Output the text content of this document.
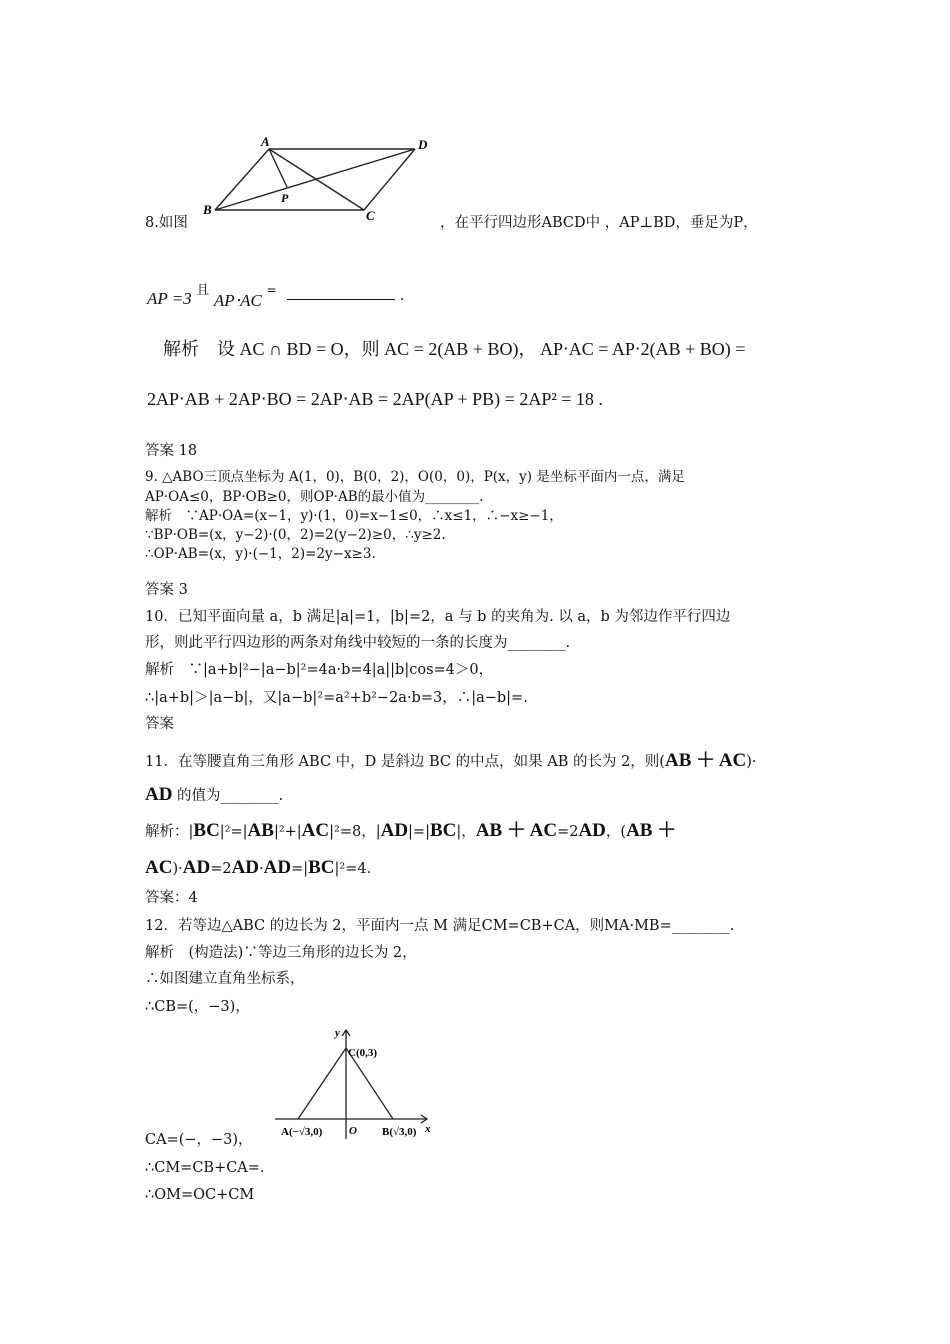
A	D
B	C
P
8.如图	，在平行四边形ABCD中 ，AP⊥BD，垂足为P，
AP =3 且 AP⋅AC =	.
解析　设 AC ∩ BD = O，则 AC = 2(AB + BO)， AP⋅AC = AP⋅2(AB + BO) =
2AP⋅AB + 2AP⋅BO = 2AP⋅AB = 2AP(AP + PB) = 2AP² = 18 .
答案 18
9. △ABO三顶点坐标为 A(1，0)，B(0，2)，O(0，0)，P(x，y) 是坐标平面内一点，满足
AP·OA≤0，BP·OB≥0，则OP·AB的最小值为________.
解析　∵AP·OA=(x−1，y)·(1，0)=x−1≤0，∴x≤1，∴−x≥−1，
∵BP·OB=(x，y−2)·(0，2)=2(y−2)≥0，∴y≥2.
∴OP·AB=(x，y)·(−1，2)=2y−x≥3.
答案 3
10．已知平面向量 a，b 满足|a|=1，|b|=2，a 与 b 的夹角为. 以 a，b 为邻边作平行四边
形，则此平行四边形的两条对角线中较短的一条的长度为________.
解析　∵|a+b|²−|a−b|²=4a·b=4|a||b|cos=4＞0，
∴|a+b|＞|a−b|，又|a−b|²=a²+b²−2a·b=3，∴|a−b|=.
答案
11．在等腰直角三角形 ABC 中，D 是斜边 BC 的中点，如果 AB 的长为 2，则(AB ＋ AC)·
AD 的值为________.
解析：|BC|²=|AB|²+|AC|²=8，|AD|=|BC|，AB ＋ AC=2AD，(AB ＋
AC)·AD=2AD·AD=|BC|²=4.
答案：4
12．若等边△ABC 的边长为 2，平面内一点 M 满足CM=CB+CA，则MA·MB=________.
解析　(构造法)∵等边三角形的边长为 2，
∴如图建立直角坐标系，
∴CB=(，−3)，
y
x
C(0,3)
O
A(−√3,0)	B(√3,0)
CA=(−，−3)，
∴CM=CB+CA=.
∴OM=OC+CM
